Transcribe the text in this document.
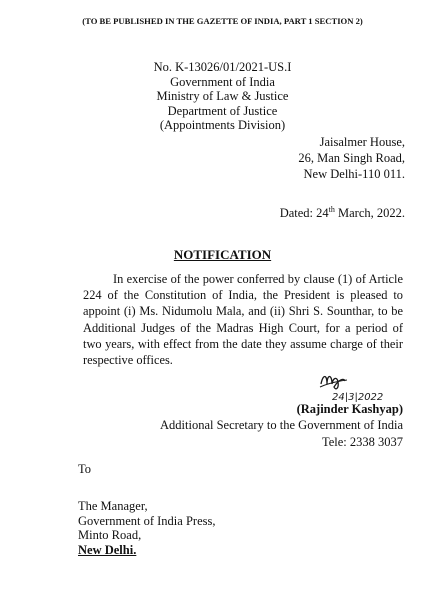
(TO BE PUBLISHED IN THE GAZETTE OF INDIA, PART 1 SECTION 2)
No. K-13026/01/2021-US.I
Government of India
Ministry of Law & Justice
Department of Justice
(Appointments Division)
Jaisalmer House,
26, Man Singh Road,
New Delhi-110 011.
Dated: 24th March, 2022.
NOTIFICATION
In exercise of the power conferred by clause (1) of Article 224 of the Constitution of India, the President is pleased to appoint (i) Ms. Nidumolu Mala, and (ii) Shri S. Sounthar, to be Additional Judges of the Madras High Court, for a period of two years, with effect from the date they assume charge of their respective offices.
24|3|2022
(Rajinder Kashyap)
Additional Secretary to the Government of India
Tele: 2338 3037
To
The Manager,
Government of India Press,
Minto Road,
New Delhi.
